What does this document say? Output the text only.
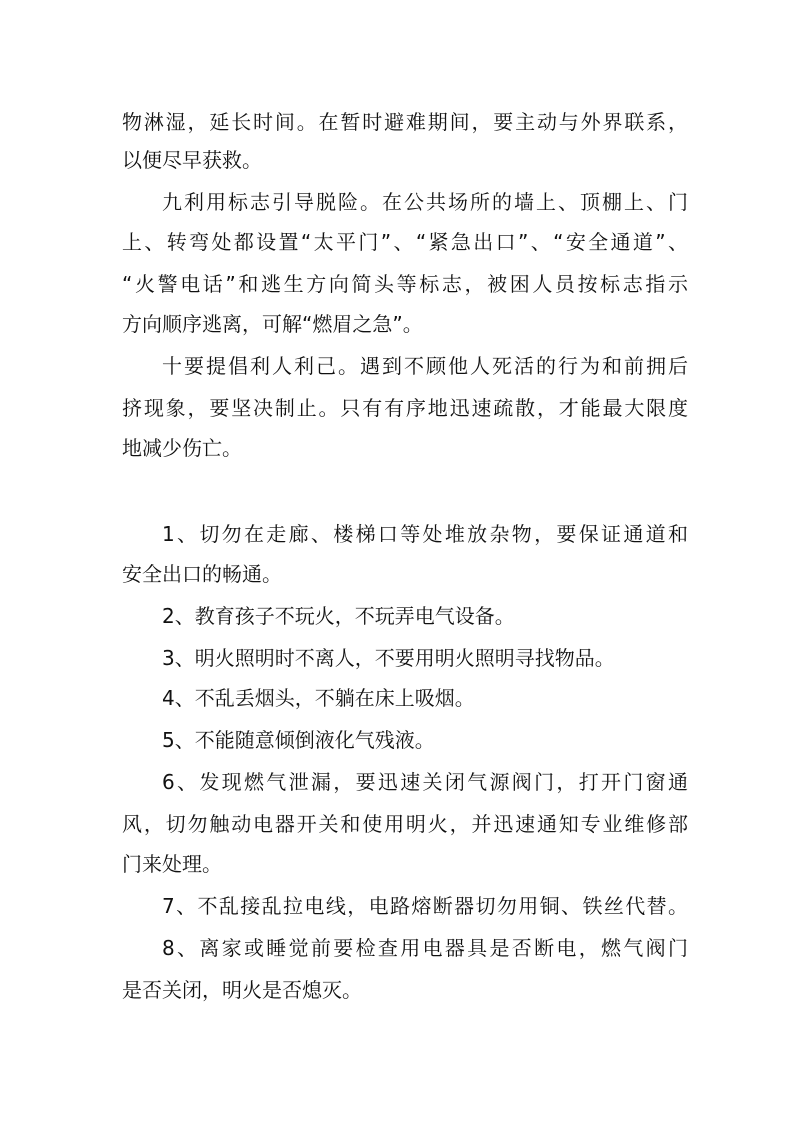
物淋湿，延长时间。在暂时避难期间，要主动与外界联系，
以便尽早获救。
九利用标志引导脱险。在公共场所的墙上、顶棚上、门
上、转弯处都设置“太平门”、“紧急出口”、“安全通道”、
“火警电话”和逃生方向简头等标志，被困人员按标志指示
方向顺序逃离，可解“燃眉之急”。
十要提倡利人利己。遇到不顾他人死活的行为和前拥后
挤现象，要坚决制止。只有有序地迅速疏散，才能最大限度
地减少伤亡。
1、切勿在走廊、楼梯口等处堆放杂物，要保证通道和
安全出口的畅通。
2、教育孩子不玩火，不玩弄电气设备。
3、明火照明时不离人，不要用明火照明寻找物品。
4、不乱丢烟头，不躺在床上吸烟。
5、不能随意倾倒液化气残液。
6、发现燃气泄漏，要迅速关闭气源阀门，打开门窗通
风，切勿触动电器开关和使用明火，并迅速通知专业维修部
门来处理。
7、不乱接乱拉电线，电路熔断器切勿用铜、铁丝代替。
8、离家或睡觉前要检查用电器具是否断电，燃气阀门
是否关闭，明火是否熄灭。
